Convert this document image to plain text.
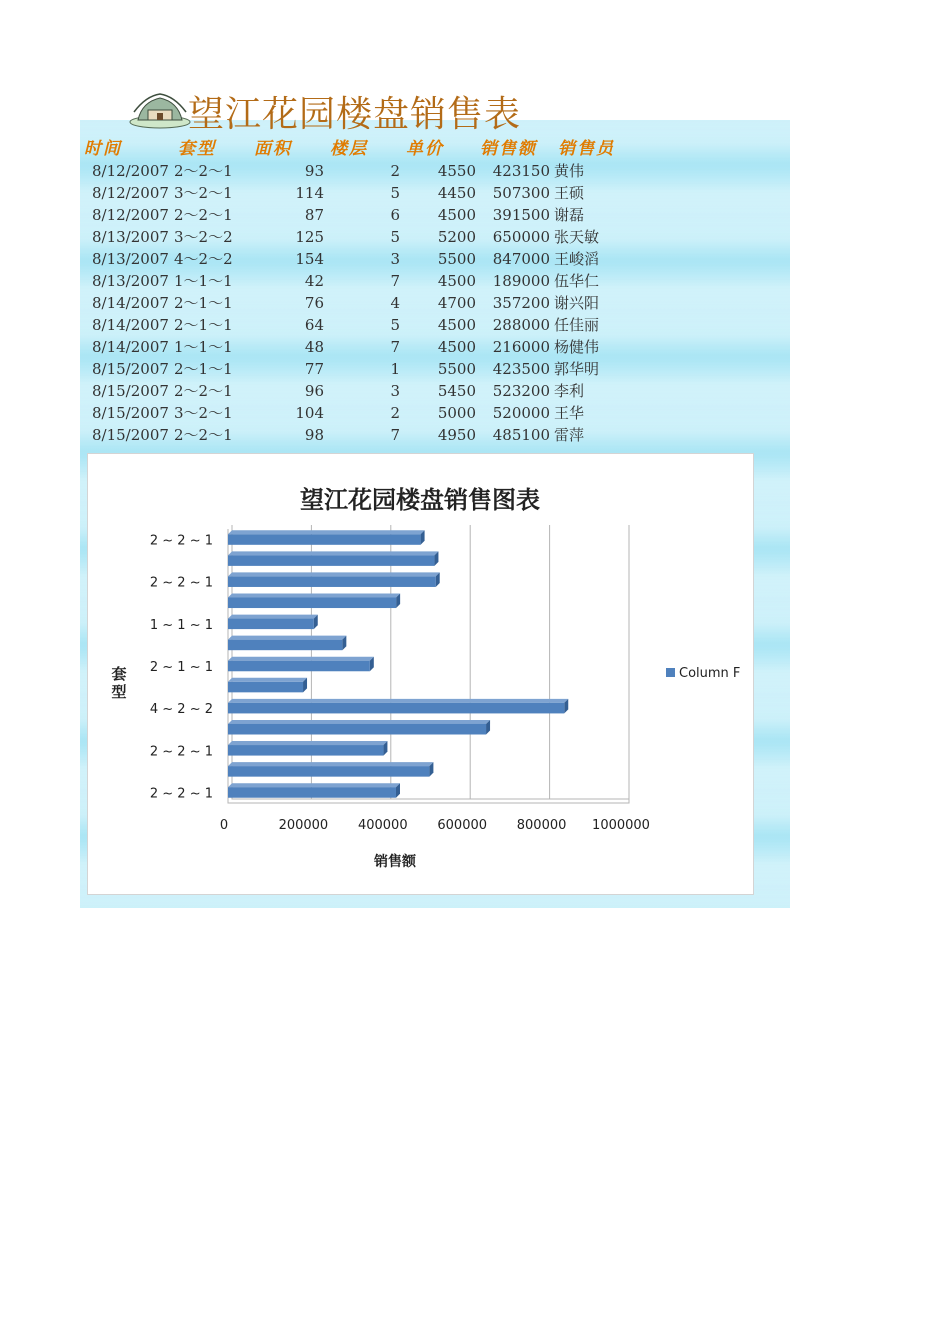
望江花园楼盘销售表
时间	套型 面积 楼层 单价 销售额 销售员
8/12/2007 2～2～1	93	2	4550	423150 黄伟
8/12/2007 3～2～1	114	5	4450	507300 王硕
8/12/2007 2～2～1	87	6	4500	391500 谢磊
8/13/2007 3～2～2	125	5	5200	650000 张天敏
8/13/2007 4～2～2	154	3	5500	847000 王峻滔
8/13/2007 1～1～1	42	7	4500	189000 伍华仁
8/14/2007 2～1～1	76	4	4700	357200 谢兴阳
8/14/2007 2～1～1	64	5	4500	288000 任佳丽
8/14/2007 1～1～1	48	7	4500	216000 杨健伟
8/15/2007 2～1～1	77	1	5500	423500 郭华明
8/15/2007 2～2～1	96	3	5450	523200 李利
8/15/2007 3～2～1	104	2	5000	520000 王华
8/15/2007 2～2～1	98	7	4950	485100 雷萍
望江花园楼盘销售图表
0	200000 400000 600000 800000 1000000
2 ~ 2 ~ 1
2 ~ 2 ~ 1
4 ~ 2 ~ 2
2 ~ 1 ~ 1
1 ~ 1 ~ 1
2 ~ 2 ~ 1
2 ~ 2 ~ 1
销售额
套型
Column F
